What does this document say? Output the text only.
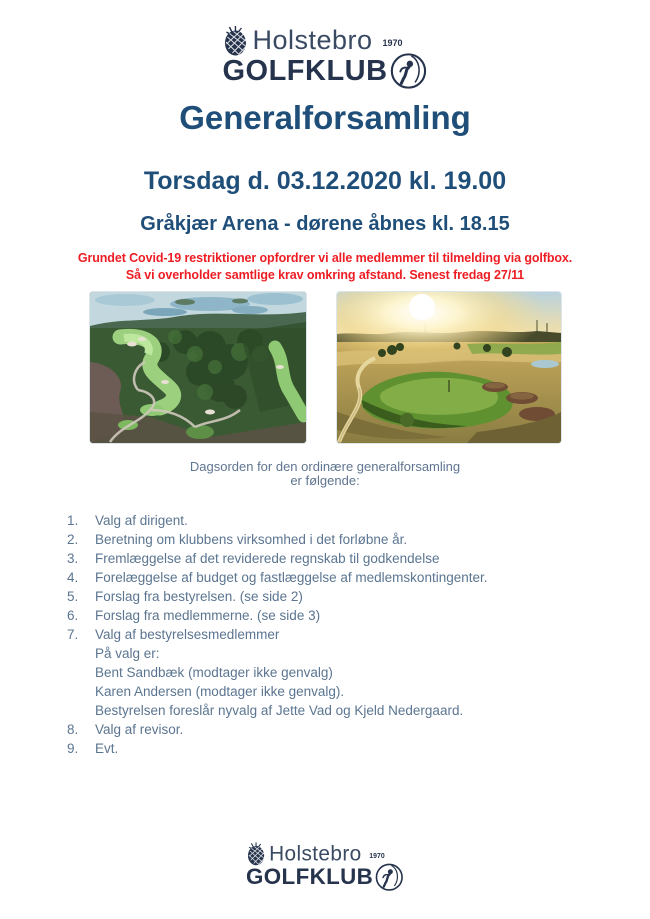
Holstebro 1970
GOLFKLUB
Generalforsamling
Torsdag d. 03.12.2020 kl. 19.00
Gråkjær Arena - dørene åbnes kl. 18.15
Grundet Covid-19 restriktioner opfordrer vi alle medlemmer til tilmelding via golfbox.
Så vi overholder samtlige krav omkring afstand. Senest fredag 27/11
Dagsorden for den ordinære generalforsamling
er følgende:
1.	Valg af dirigent.
2.	Beretning om klubbens virksomhed i det forløbne år.
3.	Fremlæggelse af det reviderede regnskab til godkendelse
4.	Forelæggelse af budget og fastlæggelse af medlemskontingenter.
5.	Forslag fra bestyrelsen. (se side 2)
6.	Forslag fra medlemmerne. (se side 3)
7.	Valg af bestyrelsesmedlemmer
På valg er:
Bent Sandbæk (modtager ikke genvalg)
Karen Andersen (modtager ikke genvalg).
Bestyrelsen foreslår nyvalg af Jette Vad og Kjeld Nedergaard.
8.	Valg af revisor.
9.	Evt.
Holstebro 1970
GOLFKLUB
